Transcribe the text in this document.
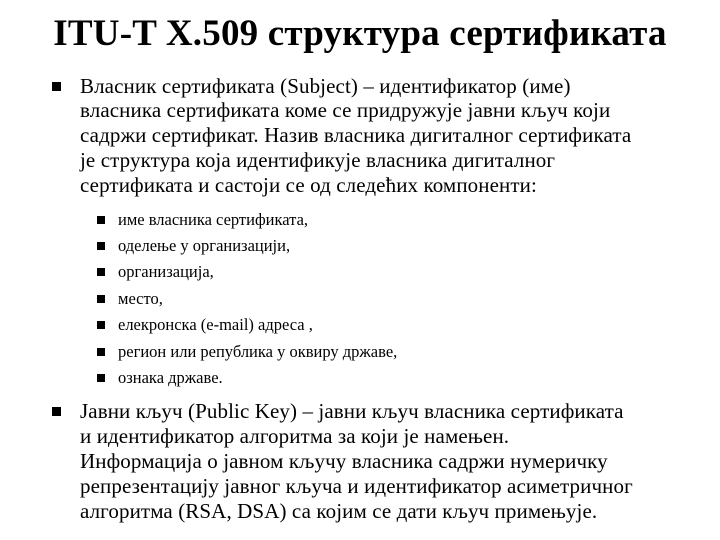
ITU-T X.509 структура сертификата
Власник сертификата (Subject) – идентификатор (име)
власника сертификата коме се придружује јавни кључ који
садржи сертификат. Назив власника дигиталног сертификата
је структура која идентификује власника дигиталног
сертификата и састоји се од следећих компоненти:
име власника сертификата,
оделење у организацији,
организација,
место,
елекронска (e-mail) адреса ,
регион или република у оквиру државе,
ознака државе.
Јавни кључ (Public Key) – јавни кључ власника сертификата
и идентификатор алгоритма за који је намењен.
Информација о јавном кључу власника садржи нумеричку
репрезентацију јавног кључа и идентификатор асиметричног
алгоритма (RSA, DSA) са којим се дати кључ примењује.
